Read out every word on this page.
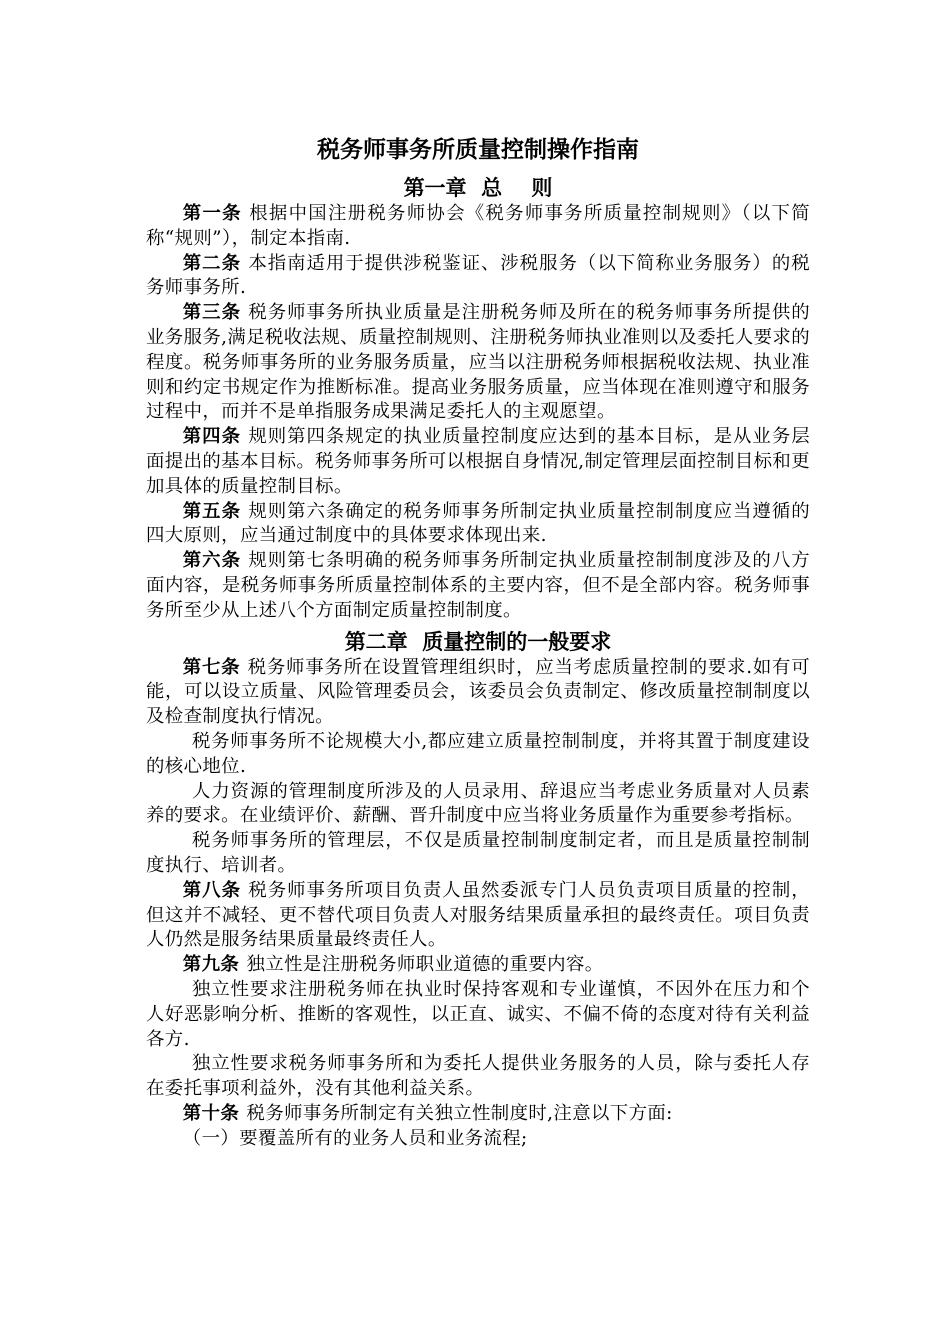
税务师事务所质量控制操作指南
第一章  总    则

第一条 根据中国注册税务师协会《税务师事务所质量控制规则》（以下简称“规则”），制定本指南.

第二条 本指南适用于提供涉税鉴证、涉税服务（以下简称业务服务）的税务师事务所.

第三条 税务师事务所执业质量是注册税务师及所在的税务师事务所提供的业务服务,满足税收法规、质量控制规则、注册税务师执业准则以及委托人要求的程度。税务师事务所的业务服务质量，应当以注册税务师根据税收法规、执业准则和约定书规定作为推断标准。提高业务服务质量，应当体现在准则遵守和服务过程中，而并不是单指服务成果满足委托人的主观愿望。

第四条 规则第四条规定的执业质量控制度应达到的基本目标，是从业务层面提出的基本目标。税务师事务所可以根据自身情况,制定管理层面控制目标和更加具体的质量控制目标。

第五条 规则第六条确定的税务师事务所制定执业质量控制制度应当遵循的四大原则，应当通过制度中的具体要求体现出来.

第六条 规则第七条明确的税务师事务所制定执业质量控制制度涉及的八方面内容，是税务师事务所质量控制体系的主要内容，但不是全部内容。税务师事务所至少从上述八个方面制定质量控制制度。

第二章  质量控制的一般要求

第七条 税务师事务所在设置管理组织时，应当考虑质量控制的要求.如有可能，可以设立质量、风险管理委员会，该委员会负责制定、修改质量控制制度以及检查制度执行情况。

税务师事务所不论规模大小,都应建立质量控制制度，并将其置于制度建设的核心地位.

人力资源的管理制度所涉及的人员录用、辞退应当考虑业务质量对人员素养的要求。在业绩评价、薪酬、晋升制度中应当将业务质量作为重要参考指标。

税务师事务所的管理层，不仅是质量控制制度制定者，而且是质量控制制度执行、培训者。

第八条 税务师事务所项目负责人虽然委派专门人员负责项目质量的控制，但这并不减轻、更不替代项目负责人对服务结果质量承担的最终责任。项目负责人仍然是服务结果质量最终责任人。

第九条 独立性是注册税务师职业道德的重要内容。

独立性要求注册税务师在执业时保持客观和专业谨慎，不因外在压力和个人好恶影响分析、推断的客观性，以正直、诚实、不偏不倚的态度对待有关利益各方.

独立性要求税务师事务所和为委托人提供业务服务的人员，除与委托人存在委托事项利益外，没有其他利益关系。

第十条 税务师事务所制定有关独立性制度时,注意以下方面:

（一）要覆盖所有的业务人员和业务流程;
